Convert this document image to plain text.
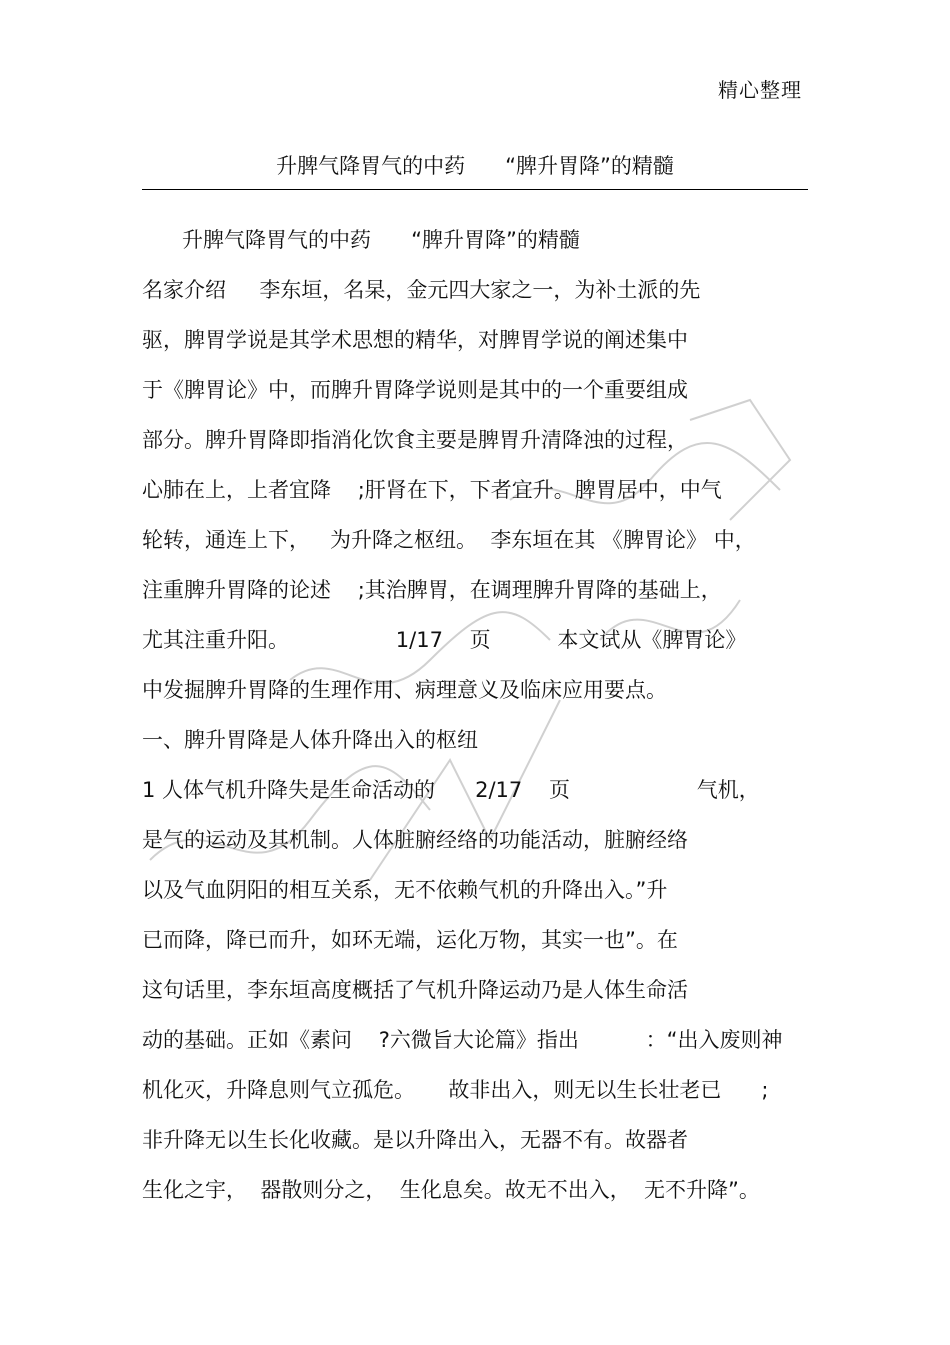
精心整理
升脾气降胃气的中药      “脾升胃降”的精髓
升脾气降胃气的中药      “脾升胃降”的精髓
名家介绍     李东垣，名杲，金元四大家之一，为补土派的先
驱，脾胃学说是其学术思想的精华，对脾胃学说的阐述集中
于《脾胃论》中，而脾升胃降学说则是其中的一个重要组成
部分。脾升胃降即指消化饮食主要是脾胃升清降浊的过程，
心肺在上，上者宜降    ;肝肾在下，下者宜升。脾胃居中，中气
轮转，通连上下，   为升降之枢纽。  李东垣在其 《脾胃论》 中，
注重脾升胃降的论述    ;其治脾胃，在调理脾升胃降的基础上，
尤其注重升阳。                1/17    页          本文试从《脾胃论》
中发掘脾升胃降的生理作用、病理意义及临床应用要点。
一、脾升胃降是人体升降出入的枢纽
1 人体气机升降失是生命活动的      2/17    页                   气机，
是气的运动及其机制。人体脏腑经络的功能活动，脏腑经络
以及气血阴阳的相互关系，无不依赖气机的升降出入。”升
已而降，降已而升，如环无端，运化万物，其实一也”。在
这句话里，李东垣高度概括了气机升降运动乃是人体生命活
动的基础。正如《素问    ?六微旨大论篇》指出          ：“出入废则神
机化灭，升降息则气立孤危。     故非出入，则无以生长壮老已      ;
非升降无以生长化收藏。是以升降出入，无器不有。故器者
生化之宇，  器散则分之，  生化息矣。故无不出入，  无不升降”。
